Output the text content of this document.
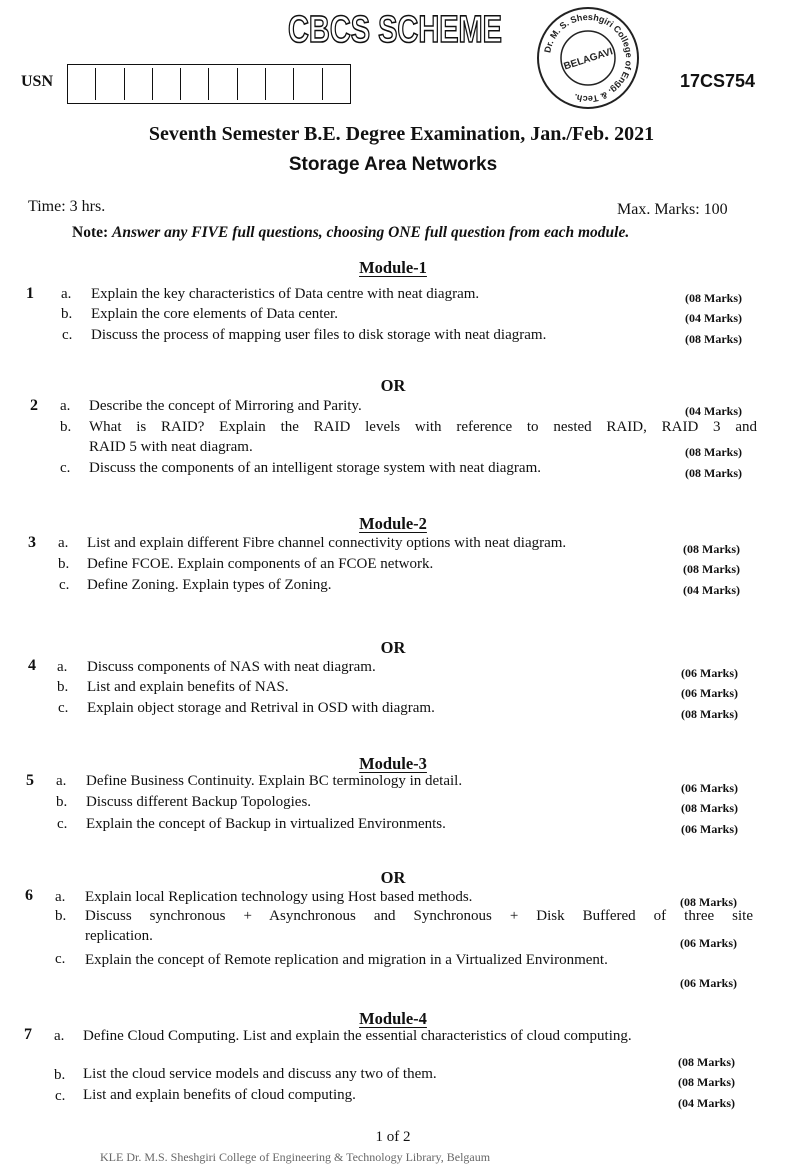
CBCS SCHEME
USN
Dr. M. S. Sheshgiri College of Engg. & Tech.
BELAGAVI
17CS754
Seventh Semester B.E. Degree Examination, Jan./Feb. 2021
Storage Area Networks
Time: 3 hrs.	Max. Marks: 100
Note: Answer any FIVE full questions, choosing ONE full question from each module.
Module-1
1 a. Explain the key characteristics of Data centre with neat diagram.	(08 Marks)
b. Explain the core elements of Data center.	(04 Marks)
c. Discuss the process of mapping user files to disk storage with neat diagram.	(08 Marks)
OR
2 a. Describe the concept of Mirroring and Parity.	(04 Marks)
b. What is RAID? Explain the RAID levels with reference to nested RAID, RAID 3 and
RAID 5 with neat diagram.	(08 Marks)
c. Discuss the components of an intelligent storage system with neat diagram.	(08 Marks)
Module-2
3 a. List and explain different Fibre channel connectivity options with neat diagram.	(08 Marks)
b. Define FCOE. Explain components of an FCOE network.	(08 Marks)
c. Define Zoning. Explain types of Zoning.	(04 Marks)
OR
4 a. Discuss components of NAS with neat diagram.	(06 Marks)
b. List and explain benefits of NAS.	(06 Marks)
c. Explain object storage and Retrival in OSD with diagram.	(08 Marks)
Module-3
5 a. Define Business Continuity. Explain BC terminology in detail.	(06 Marks)
b. Discuss different Backup Topologies.	(08 Marks)
c. Explain the concept of Backup in virtualized Environments.	(06 Marks)
OR
6 a. Explain local Replication technology using Host based methods.	(08 Marks)
b. Discuss synchronous + Asynchronous and Synchronous + Disk Buffered of three site
replication.	(06 Marks)
c. Explain the concept of Remote replication and migration in a Virtualized Environment.
(06 Marks)
Module-4
7 a. Define Cloud Computing. List and explain the essential characteristics of cloud computing.
(08 Marks)
b. List the cloud service models and discuss any two of them.	(08 Marks)
c. List and explain benefits of cloud computing.	(04 Marks)
1 of 2
KLE Dr. M.S. Sheshgiri College of Engineering & Technology Library, Belgaum
